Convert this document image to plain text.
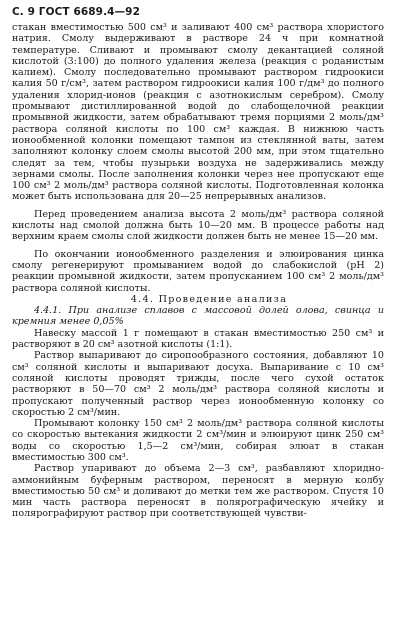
С. 9 ГОСТ 6689.4—92

стакан вместимостью 500 см³ и заливают 400 см³ раствора хлористого натрия. Смолу выдерживают в растворе 24 ч при комнатной температуре. Сливают и промывают смолу декантацией соляной кислотой (3:100) до полного удаления железа (реакция с роданистым калием). Смолу последовательно промывают раствором гидроокиси калия 50 г/см³, затем раствором гидроокиси калия 100 г/дм³ до полного удаления хлорид-ионов (реакция с азотнокислым серебром). Смолу промывают дистиллированной водой до слабощелочной реакции промывной жидкости, затем обрабатывают тремя порциями 2 моль/дм³ раствора соляной кислоты по 100 см³ каждая. В нижнюю часть ионообменной колонки помещают тампон из стеклянной ваты, затем заполняют колонку слоем смолы высотой 200 мм, при этом тщательно следят за тем, чтобы пузырьки воздуха не задерживались между зернами смолы. После заполнения колонки через нее пропускают еще 100 см³ 2 моль/дм³ раствора соляной кислоты. Подготовленная колонка может быть использована для 20—25 непрерывных анализов.

Перед проведением анализа высота 2 моль/дм³ раствора соляной кислоты над смолой должна быть 10—20 мм. В процессе работы над верхним краем смолы слой жидкости должен быть не менее 15—20 мм.

По окончании ионообменного разделения и элюирования цинка смолу регенерируют промыванием водой до слабокислой (рН 2) реакции промывной жидкости, затем пропусканием 100 см³ 2 моль/дм³ раствора соляной кислоты.

4.4. Проведение анализа

4.4.1. При анализе сплавов с массовой долей олова, свинца и кремния менее 0,05%

Навеску массой 1 г помещают в стакан вместимостью 250 см³ и растворяют в 20 см³ азотной кислоты (1:1).

Раствор выпаривают до сиропообразного состояния, добавляют 10 см³ соляной кислоты и выпаривают досуха. Выпаривание с 10 см³ соляной кислоты проводят трижды, после чего сухой остаток растворяют в 50—70 см³ 2 моль/дм³ раствора соляной кислоты и пропускают полученный раствор через ионообменную колонку со скоростью 2 см³/мин.

Промывают колонку 150 см³ 2 моль/дм³ раствора соляной кислоты со скоростью вытекания жидкости 2 см³/мин и элюируют цинк 250 см³ воды со скоростью 1,5—2 см³/мин, собирая элюат в стакан вместимостью 300 см³.

Раствор упаривают до объема 2—3 см³, разбавляют хлоридно-аммонийным буферным раствором, переносят в мерную колбу вместимостью 50 см³ и доливают до метки тем же раствором. Спустя 10 мин часть раствора переносят в полярографическую ячейку и полярографируют раствор при соответствующей чувстви-
